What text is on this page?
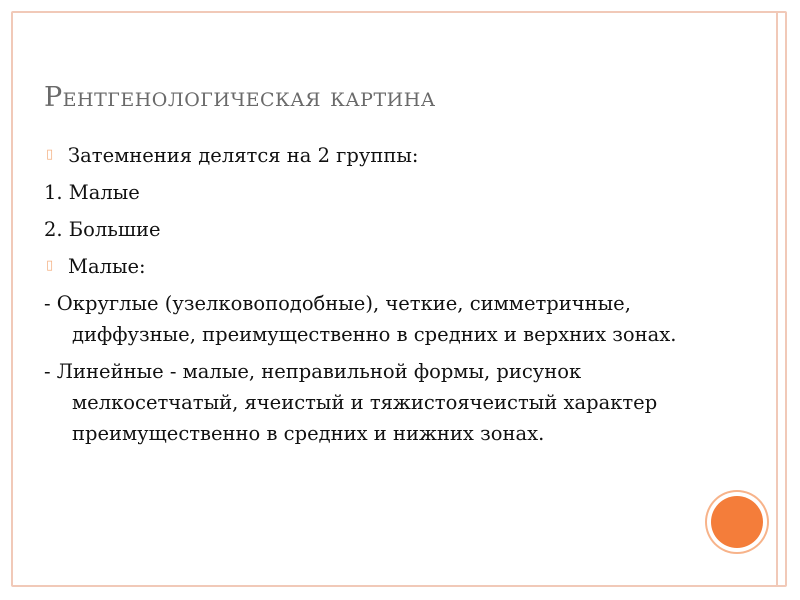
Рентгенологическая картина
▯ Затемнения делятся на 2 группы:
1. Малые
2. Большие
▯ Малые:
- Округлые (узелковоподобные), четкие, симметричные, диффузные, преимущественно в средних и верхних зонах.
- Линейные - малые, неправильной формы, рисунок мелкосетчатый, ячеистый и тяжистоячеистый характер преимущественно в средних и нижних зонах.
